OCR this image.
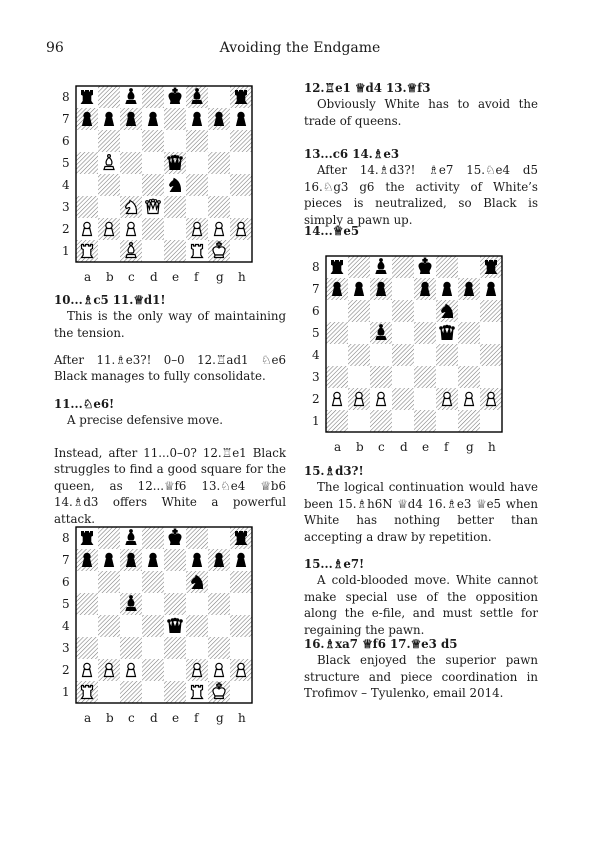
96	Avoiding the Endgame
8
7
6
5
4
3
2
1
a b c d e f g h
10...♗c5 11.♕d1!

This is the only way of maintaining the tension.

After 11.♗e3?! 0–0 12.♖ad1 ♘e6 Black manages to fully consolidate.

11...♘e6!

A precise defensive move.

Instead, after 11...0–0? 12.♖e1 Black struggles to find a good square for the queen, as 12...♕f6 13.♘e4 ♕b6 14.♗d3 offers White a powerful attack.

8
7
6
5
4
3
2
1
a b c d e f g h
12.♖e1 ♕d4 13.♕f3

Obviously White has to avoid the trade of queens.

13...c6 14.♗e3

After 14.♗d3?! ♗e7 15.♘e4 d5 16.♘g3 g6 the activity of White’s pieces is neutralized, so Black is simply a pawn up.

14...♕e5
8
7
6
5
4
3
2
1
a b c d e f g h
15.♗d3?!

The logical continuation would have been 15.♗h6N ♕d4 16.♗e3 ♕e5 when White has nothing better than accepting a draw by repetition.

15...♗e7!

A cold-blooded move. White cannot make special use of the opposition along the e-file, and must settle for regaining the pawn.

16.♗xa7 ♕f6 17.♕e3 d5

Black enjoyed the superior pawn structure and piece coordination in Trofimov – Tyulenko, email 2014.
